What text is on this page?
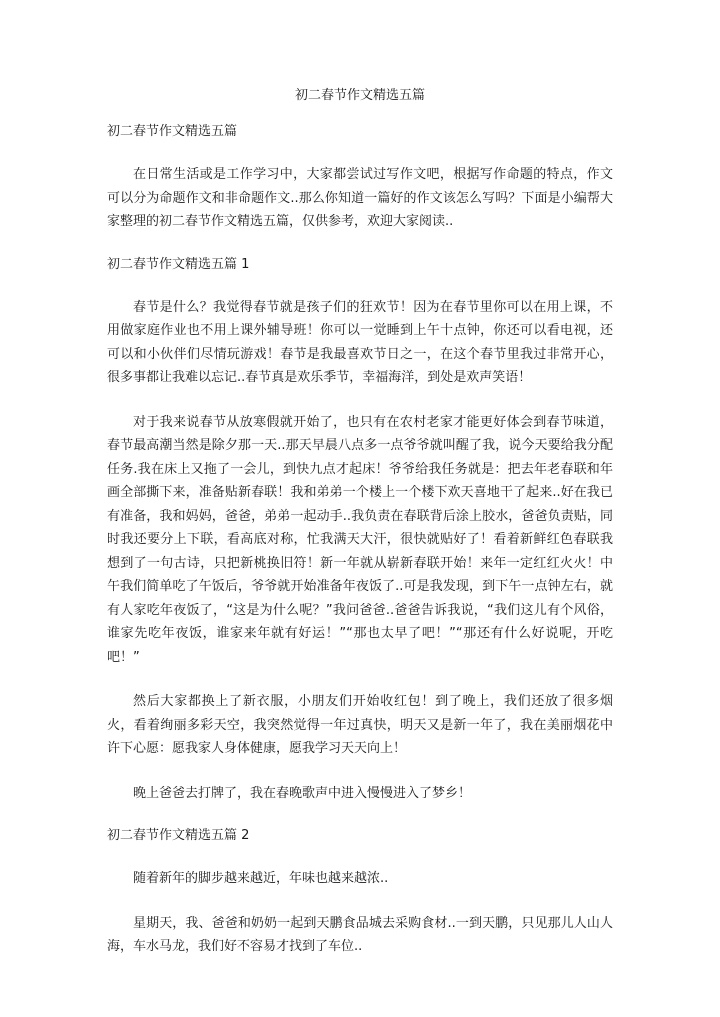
初二春节作文精选五篇
初二春节作文精选五篇

在日常生活或是工作学习中，大家都尝试过写作文吧，根据写作命题的特点，作文可以分为命题作文和非命题作文..那么你知道一篇好的作文该怎么写吗？下面是小编帮大家整理的初二春节作文精选五篇，仅供参考，欢迎大家阅读..

初二春节作文精选五篇 1

春节是什么？我觉得春节就是孩子们的狂欢节！因为在春节里你可以在用上课，不用做家庭作业也不用上课外辅导班！你可以一觉睡到上午十点钟，你还可以看电视，还可以和小伙伴们尽情玩游戏！春节是我最喜欢节日之一，在这个春节里我过非常开心，很多事都让我难以忘记..春节真是欢乐季节，幸福海洋，到处是欢声笑语！

对于我来说春节从放寒假就开始了，也只有在农村老家才能更好体会到春节味道，春节最高潮当然是除夕那一天..那天早晨八点多一点爷爷就叫醒了我，说今天要给我分配任务.我在床上又拖了一会儿，到快九点才起床！爷爷给我任务就是：把去年老春联和年画全部撕下来，准备贴新春联！我和弟弟一个楼上一个楼下欢天喜地干了起来..好在我已有准备，我和妈妈，爸爸，弟弟一起动手..我负责在春联背后涂上胶水，爸爸负责贴，同时我还要分上下联，看高底对称，忙我满天大汗，很快就贴好了！看着新鲜红色春联我想到了一句古诗，只把新桃换旧符！新一年就从崭新春联开始！来年一定红红火火！中午我们简单吃了午饭后，爷爷就开始准备年夜饭了..可是我发现，到下午一点钟左右，就有人家吃年夜饭了，“这是为什么呢？”我问爸爸..爸爸告诉我说，“我们这儿有个风俗，谁家先吃年夜饭，谁家来年就有好运！”“那也太早了吧！”“那还有什么好说呢，开吃吧！”

然后大家都换上了新衣服，小朋友们开始收红包！到了晚上，我们还放了很多烟火，看着绚丽多彩天空，我突然觉得一年过真快，明天又是新一年了，我在美丽烟花中许下心愿：愿我家人身体健康，愿我学习天天向上！

晚上爸爸去打牌了，我在春晚歌声中进入慢慢进入了梦乡！

初二春节作文精选五篇 2

随着新年的脚步越来越近，年味也越来越浓..

星期天，我、爸爸和奶奶一起到天鹏食品城去采购食材..一到天鹏，只见那儿人山人海，车水马龙，我们好不容易才找到了车位..
